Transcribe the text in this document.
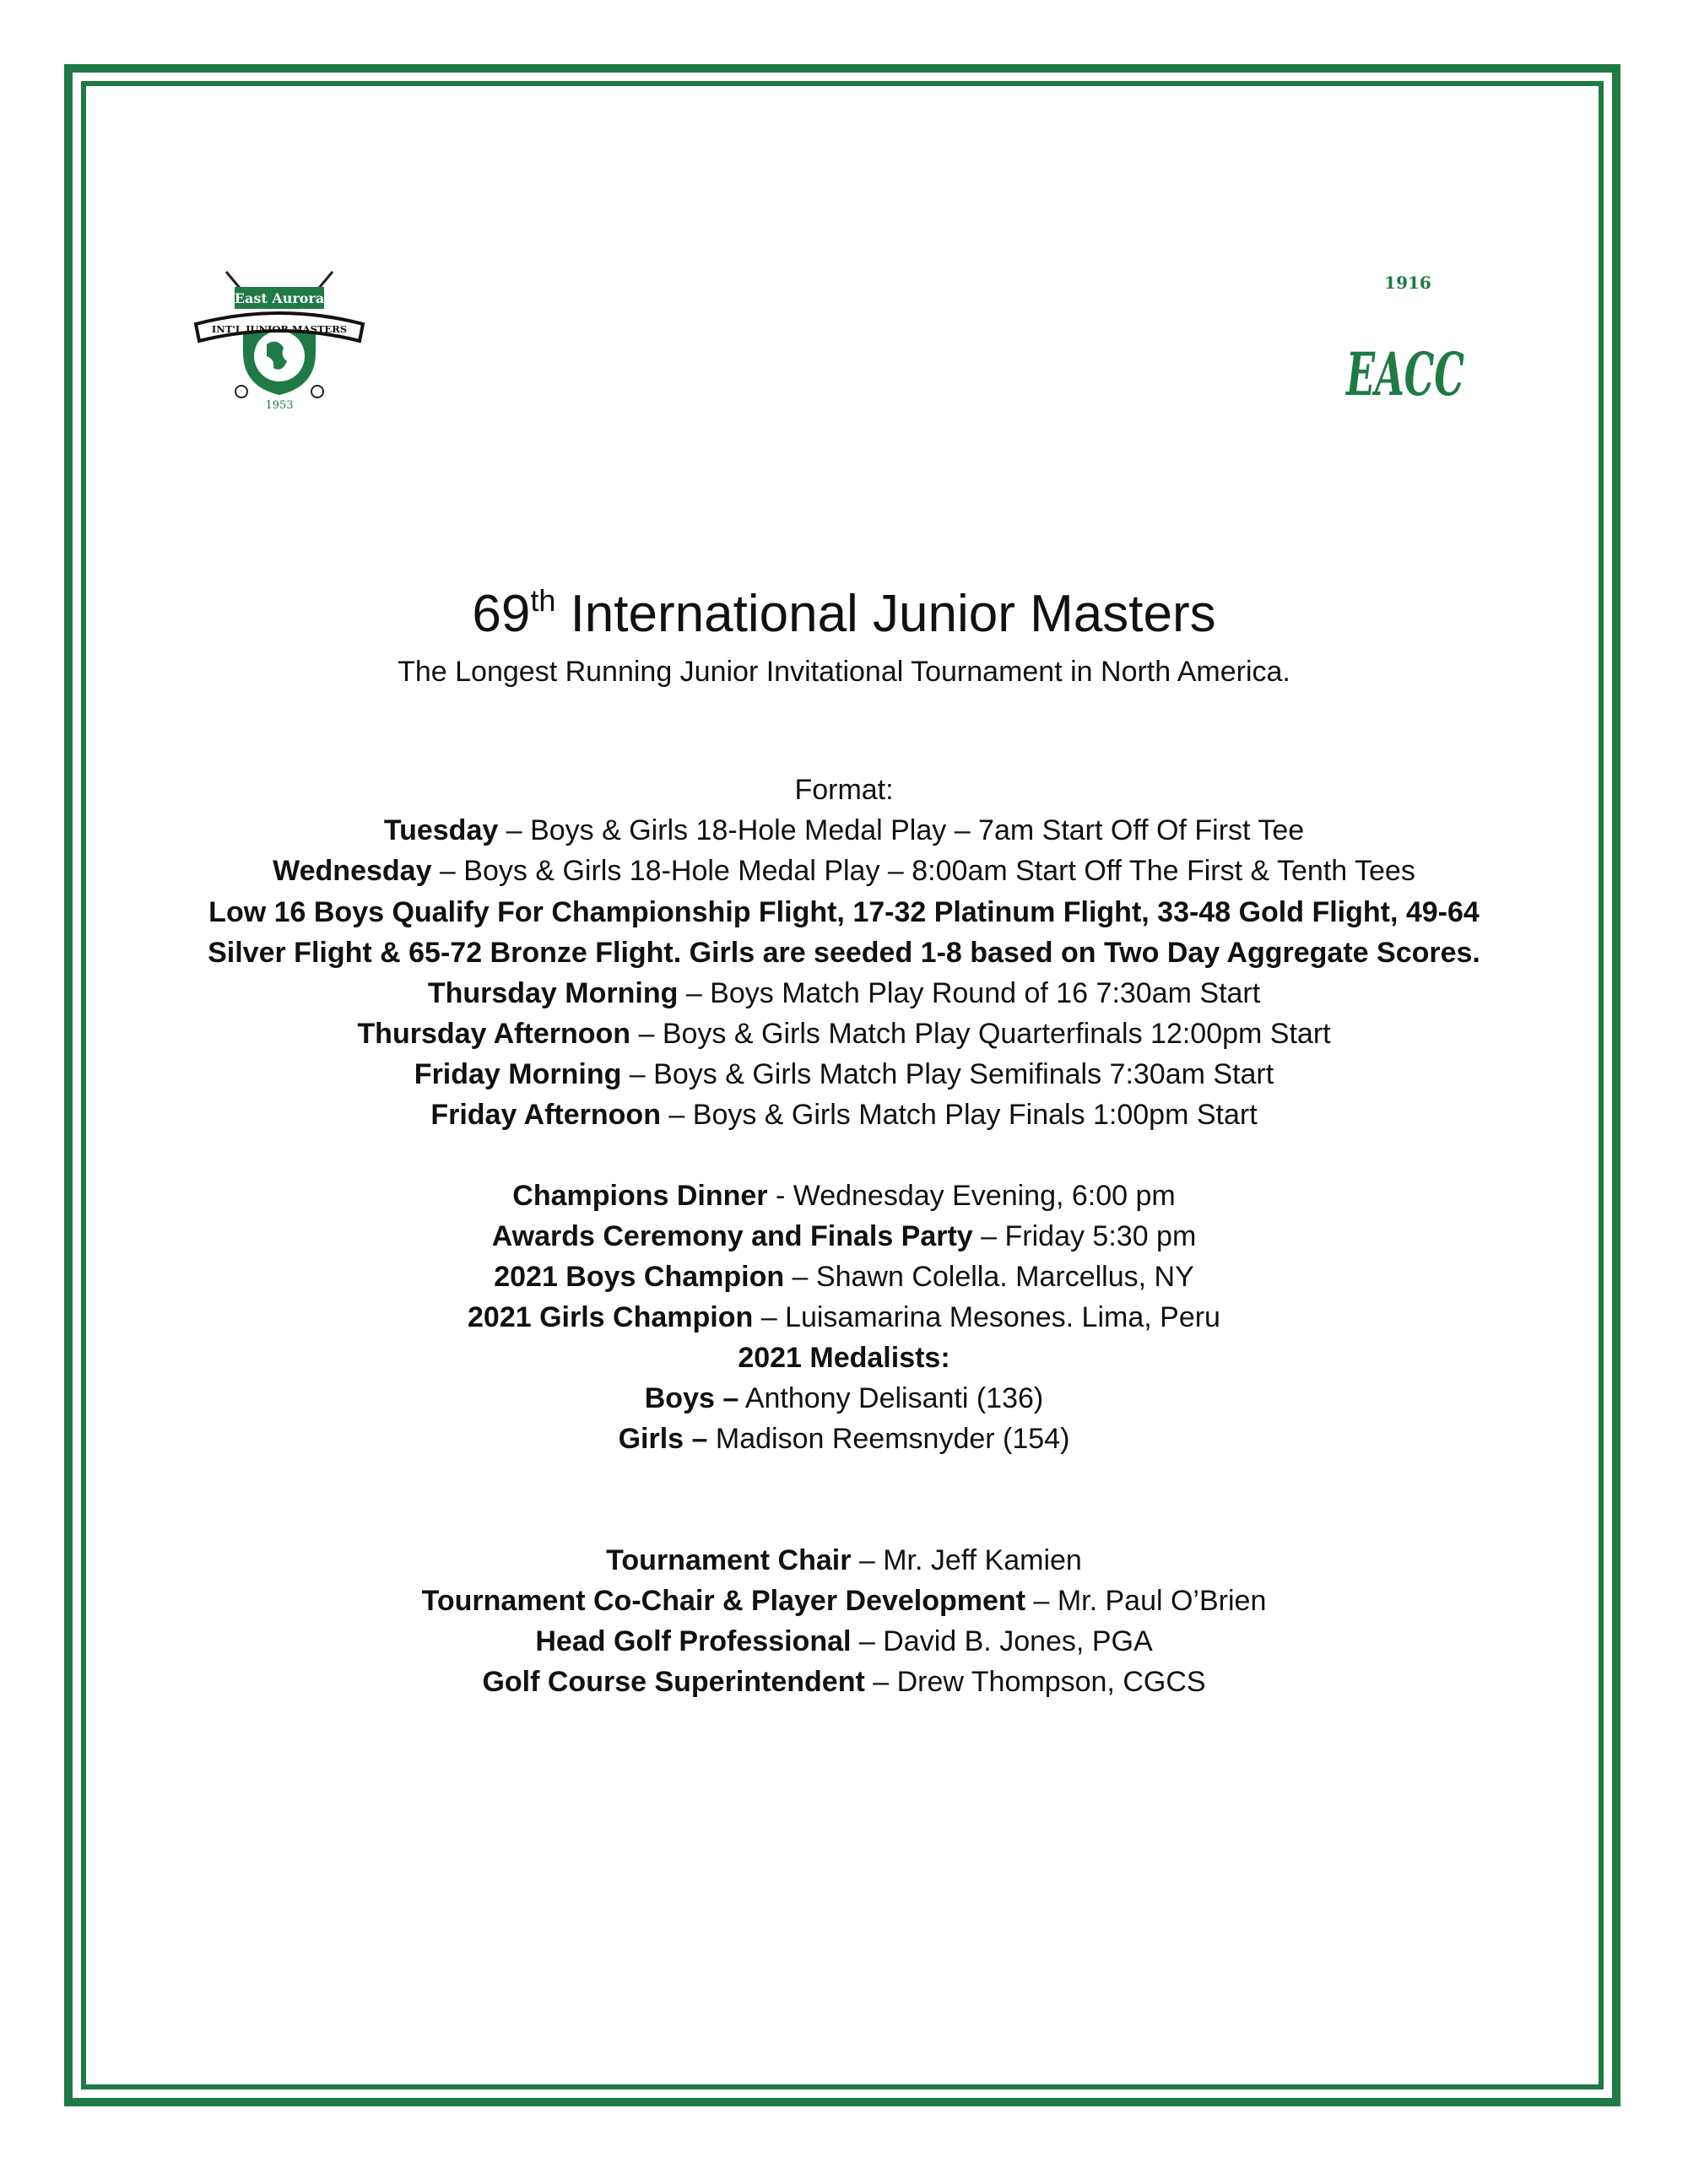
East Aurora
INT'L JUNIOR MASTERS
1953
1916
EACC
69th International Junior Masters
The Longest Running Junior Invitational Tournament in North America.
Format:
Tuesday – Boys & Girls 18-Hole Medal Play – 7am Start Off Of First Tee
Wednesday – Boys & Girls 18-Hole Medal Play – 8:00am Start Off The First & Tenth Tees
Low 16 Boys Qualify For Championship Flight, 17-32 Platinum Flight, 33-48 Gold Flight, 49-64
Silver Flight & 65-72 Bronze Flight. Girls are seeded 1-8 based on Two Day Aggregate Scores.
Thursday Morning – Boys Match Play Round of 16 7:30am Start
Thursday Afternoon – Boys & Girls Match Play Quarterfinals 12:00pm Start
Friday Morning – Boys & Girls Match Play Semifinals 7:30am Start
Friday Afternoon – Boys & Girls Match Play Finals 1:00pm Start
Champions Dinner - Wednesday Evening, 6:00 pm
Awards Ceremony and Finals Party – Friday 5:30 pm
2021 Boys Champion – Shawn Colella. Marcellus, NY
2021 Girls Champion – Luisamarina Mesones. Lima, Peru
2021 Medalists:
Boys – Anthony Delisanti (136)
Girls – Madison Reemsnyder (154)
Tournament Chair – Mr. Jeff Kamien
Tournament Co-Chair & Player Development – Mr. Paul O’Brien
Head Golf Professional – David B. Jones, PGA
Golf Course Superintendent – Drew Thompson, CGCS
